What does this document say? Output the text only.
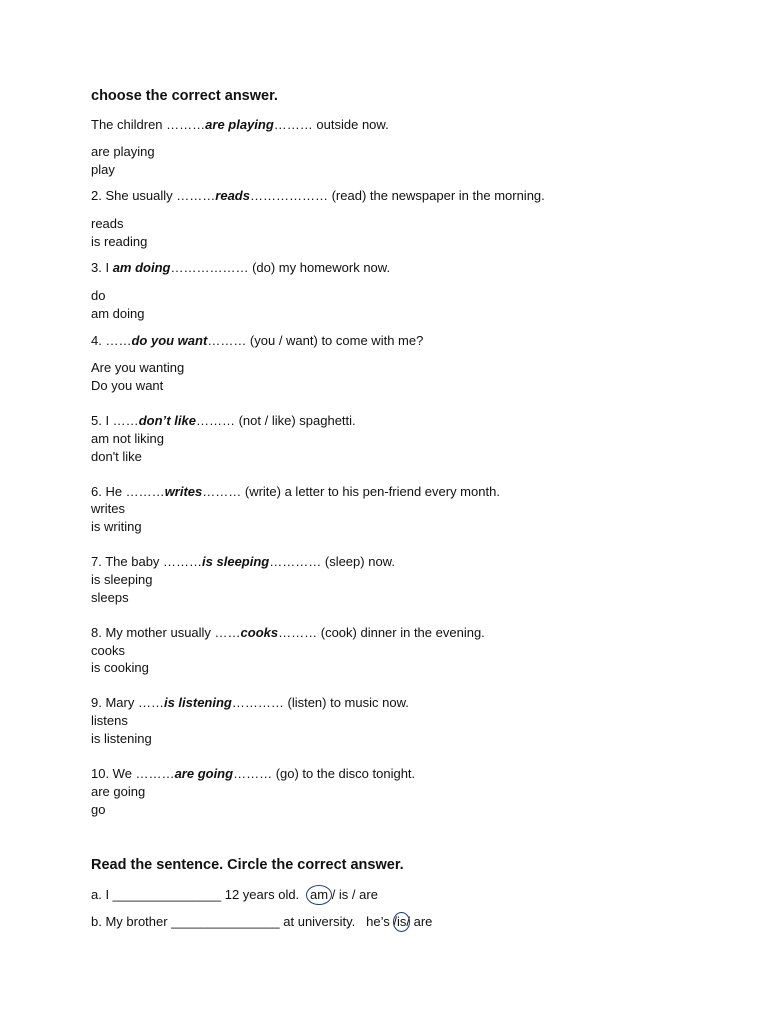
choose the correct answer.
The children ………are playing……… outside now.
are playing
play
2. She usually ………reads……………… (read) the newspaper in the morning.
reads
is reading
3. I am doing……………… (do) my homework now.
do
am doing
4. ……do you want……… (you / want) to come with me?
Are you wanting
Do you want
5. I ……don’t like……… (not / like) spaghetti.
am not liking
don't like
6. He ………writes……… (write) a letter to his pen-friend every month.
writes
is writing
7. The baby ………is sleeping………… (sleep) now.
is sleeping
sleeps
8. My mother usually ……cooks……… (cook) dinner in the evening.
cooks
is cooking
9. Mary ……is listening………… (listen) to music now.
listens
is listening
10. We ………are going……… (go) to the disco tonight.
are going
go
Read the sentence. Circle the correct answer.
a. I _______________ 12 years old. am / is / are
b. My brother _______________ at university. he’s /is/ are
